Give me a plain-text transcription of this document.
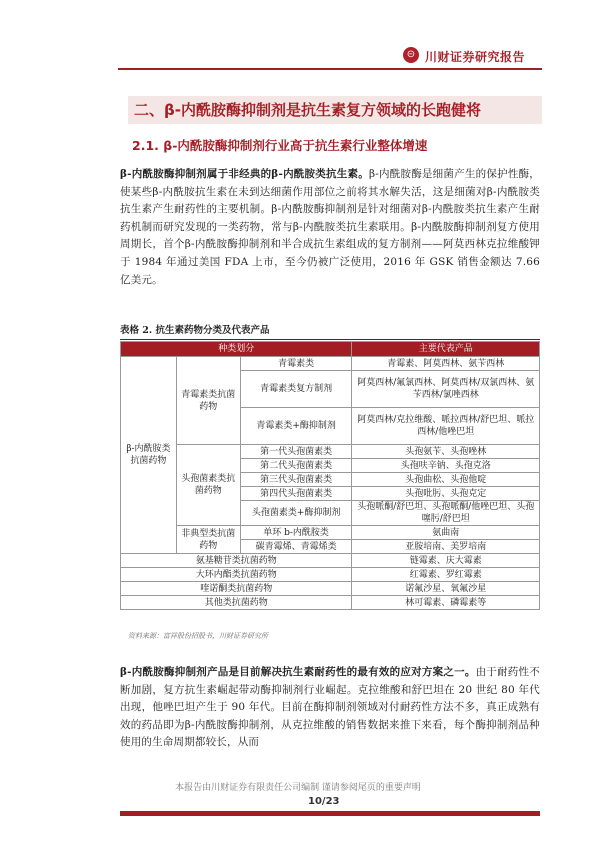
⊝ 川财证券研究报告
二、β-内酰胺酶抑制剂是抗生素复方领域的长跑健将
2.1. β-内酰胺酶抑制剂行业高于抗生素行业整体增速
β-内酰胺酶抑制剂属于非经典的β-内酰胺类抗生素。β-内酰胺酶是细菌产生的保护性酶，使某些β-内酰胺抗生素在未到达细菌作用部位之前将其水解失活，这是细菌对β-内酰胺类抗生素产生耐药性的主要机制。β-内酰胺酶抑制剂是针对细菌对β-内酰胺类抗生素产生耐药机制而研究发现的一类药物，常与β-内酰胺类抗生素联用。β-内酰胺酶抑制剂复方使用周期长，首个β-内酰胺酶抑制剂和半合成抗生素组成的复方制剂——阿莫西林克拉维酸钾于 1984 年通过美国 FDA 上市，至今仍被广泛使用，2016 年 GSK 销售金额达 7.66 亿美元。
表格 2. 抗生素药物分类及代表产品
种类划分			主要代表产品
β-内酰胺类抗菌药物	青霉素类抗菌药物	青霉素类	青霉素、阿莫西林、氨苄西林
		青霉素类复方制剂	阿莫西林/氟氯西林、阿莫西林/双氯西林、氨苄西林/氯唑西林
		青霉素类+酶抑制剂	阿莫西林/克拉维酸、哌拉西林/舒巴坦、哌拉西林/他唑巴坦
	头孢菌素类抗菌药物	第一代头孢菌素类	头孢氨苄、头孢唑林
		第二代头孢菌素类	头孢呋辛钠、头孢克洛
		第三代头孢菌素类	头孢曲松、头孢他啶
		第四代头孢菌素类	头孢吡肟、头孢克定
		头孢菌素类+酶抑制剂	头孢哌酮/舒巴坦、头孢哌酮/他唑巴坦、头孢噻肟/舒巴坦
	非典型类抗菌药物	单环 b-内酰胺类	氨曲南
		碳青霉烯、青霉烯类	亚胺培南、美罗培南
氨基糖苷类抗菌药物			链霉素、庆大霉素
大环内酯类抗菌药物			红霉素、罗红霉素
喹诺酮类抗菌药物			诺氟沙星、氧氟沙星
其他类抗菌药物			林可霉素、磷霉素等
资料来源：富祥股份招股书，川财证券研究所
β-内酰胺酶抑制剂产品是目前解决抗生素耐药性的最有效的应对方案之一。由于耐药性不断加剧，复方抗生素崛起带动酶抑制剂行业崛起。克拉维酸和舒巴坦在 20 世纪 80 年代出现，他唑巴坦产生于 90 年代。目前在酶抑制剂领域对付耐药性方法不多，真正成熟有效的药品即为β-内酰胺酶抑制剂，从克拉维酸的销售数据来推下来看，每个酶抑制剂品种使用的生命周期都较长，从而
本报告由川财证券有限责任公司编制 谨请参阅尾页的重要声明
10/23
